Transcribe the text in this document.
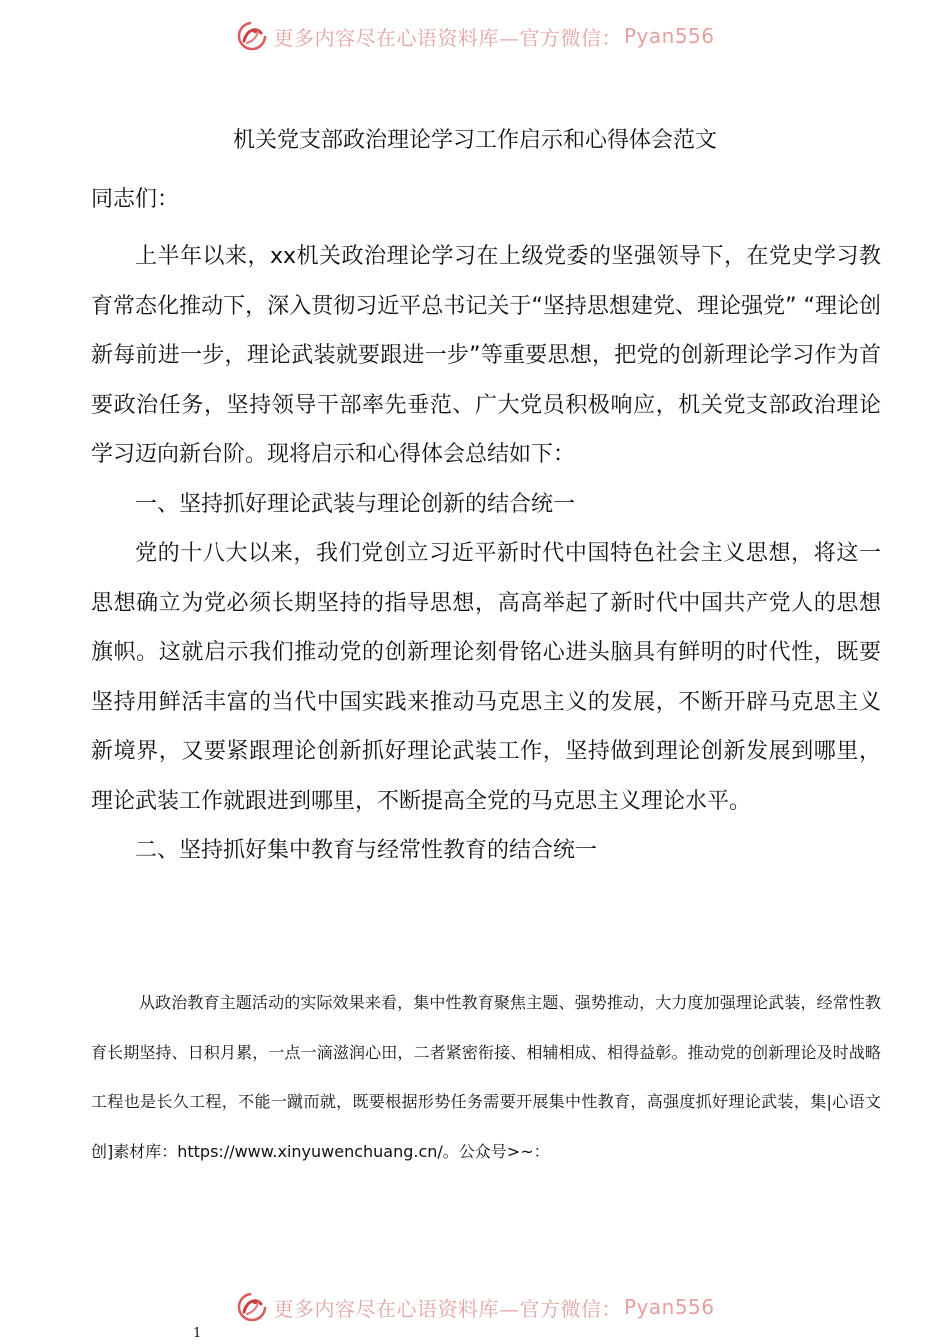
更多内容尽在心语资料库—官方微信： Pyan556
机关党支部政治理论学习工作启示和心得体会范文
同志们：

上半年以来，xx机关政治理论学习在上级党委的坚强领导下，在党史学习教育常态化推动下，深入贯彻习近平总书记关于“坚持思想建党、理论强党” “理论创新每前进一步，理论武装就要跟进一步”等重要思想，把党的创新理论学习作为首要政治任务，坚持领导干部率先垂范、广大党员积极响应，机关党支部政治理论学习迈向新台阶。现将启示和心得体会总结如下：

一、坚持抓好理论武装与理论创新的结合统一

党的十八大以来，我们党创立习近平新时代中国特色社会主义思想，将这一思想确立为党必须长期坚持的指导思想，高高举起了新时代中国共产党人的思想旗帜。这就启示我们推动党的创新理论刻骨铭心进头脑具有鲜明的时代性，既要坚持用鲜活丰富的当代中国实践来推动马克思主义的发展，不断开辟马克思主义新境界，又要紧跟理论创新抓好理论武装工作，坚持做到理论创新发展到哪里，理论武装工作就跟进到哪里，不断提高全党的马克思主义理论水平。

二、坚持抓好集中教育与经常性教育的结合统一

从政治教育主题活动的实际效果来看，集中性教育聚焦主题、强势推动，大力度加强理论武装，经常性教育长期坚持、日积月累，一点一滴滋润心田，二者紧密衔接、相辅相成、相得益彰。推动党的创新理论及时战略工程也是长久工程，不能一蹴而就，既要根据形势任务需要开展集中性教育，高强度抓好理论武装，集|心语文创]素材库：https://www.xinyuwenchuang.cn/。公众号>~：

更多内容尽在心语资料库—官方微信： Pyan556
1
